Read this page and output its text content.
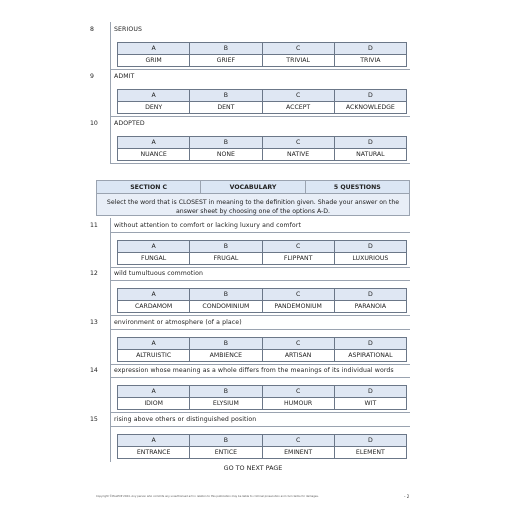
8	SERIOUS
A	B	C	D
GRIM	GRIEF	TRIVIAL	TRIVIA
9	ADMIT
A	B	C	D
DENY	DENT	ACCEPT	ACKNOWLEDGE
10	ADOPTED
A	B	C	D
NUANCE	NONE	NATIVE	NATURAL
SECTION C	VOCABULARY	5 QUESTIONS
Select the word that is CLOSEST in meaning to the definition given. Shade your answer on the answer sheet by choosing one of the options A-D.
11	without attention to comfort or lacking luxury and comfort
A	B	C	D
FUNGAL	FRUGAL	FLIPPANT	LUXURIOUS
12	wild tumultuous commotion
A	B	C	D
CARDAMOM	CONDOMINIUM	PANDEMONIUM	PARANOIA
13	environment or atmosphere (of a place)
A	B	C	D
ALTRUISTIC	AMBIENCE	ARTISAN	ASPIRATIONAL
14	expression whose meaning as a whole differs from the meanings of its individual words
A	B	C	D
IDIOM	ELYSIUM	HUMOUR	WIT
15	rising above others or distinguished position
A	B	C	D
ENTRANCE	ENTICE	EMINENT	ELEMENT
GO TO NEXT PAGE
Copyright ©PlusEXP 2024. Any person who commits any unauthorised act in relation to this publication may be liable to criminal prosecution and civil claims for damages.	- 2
